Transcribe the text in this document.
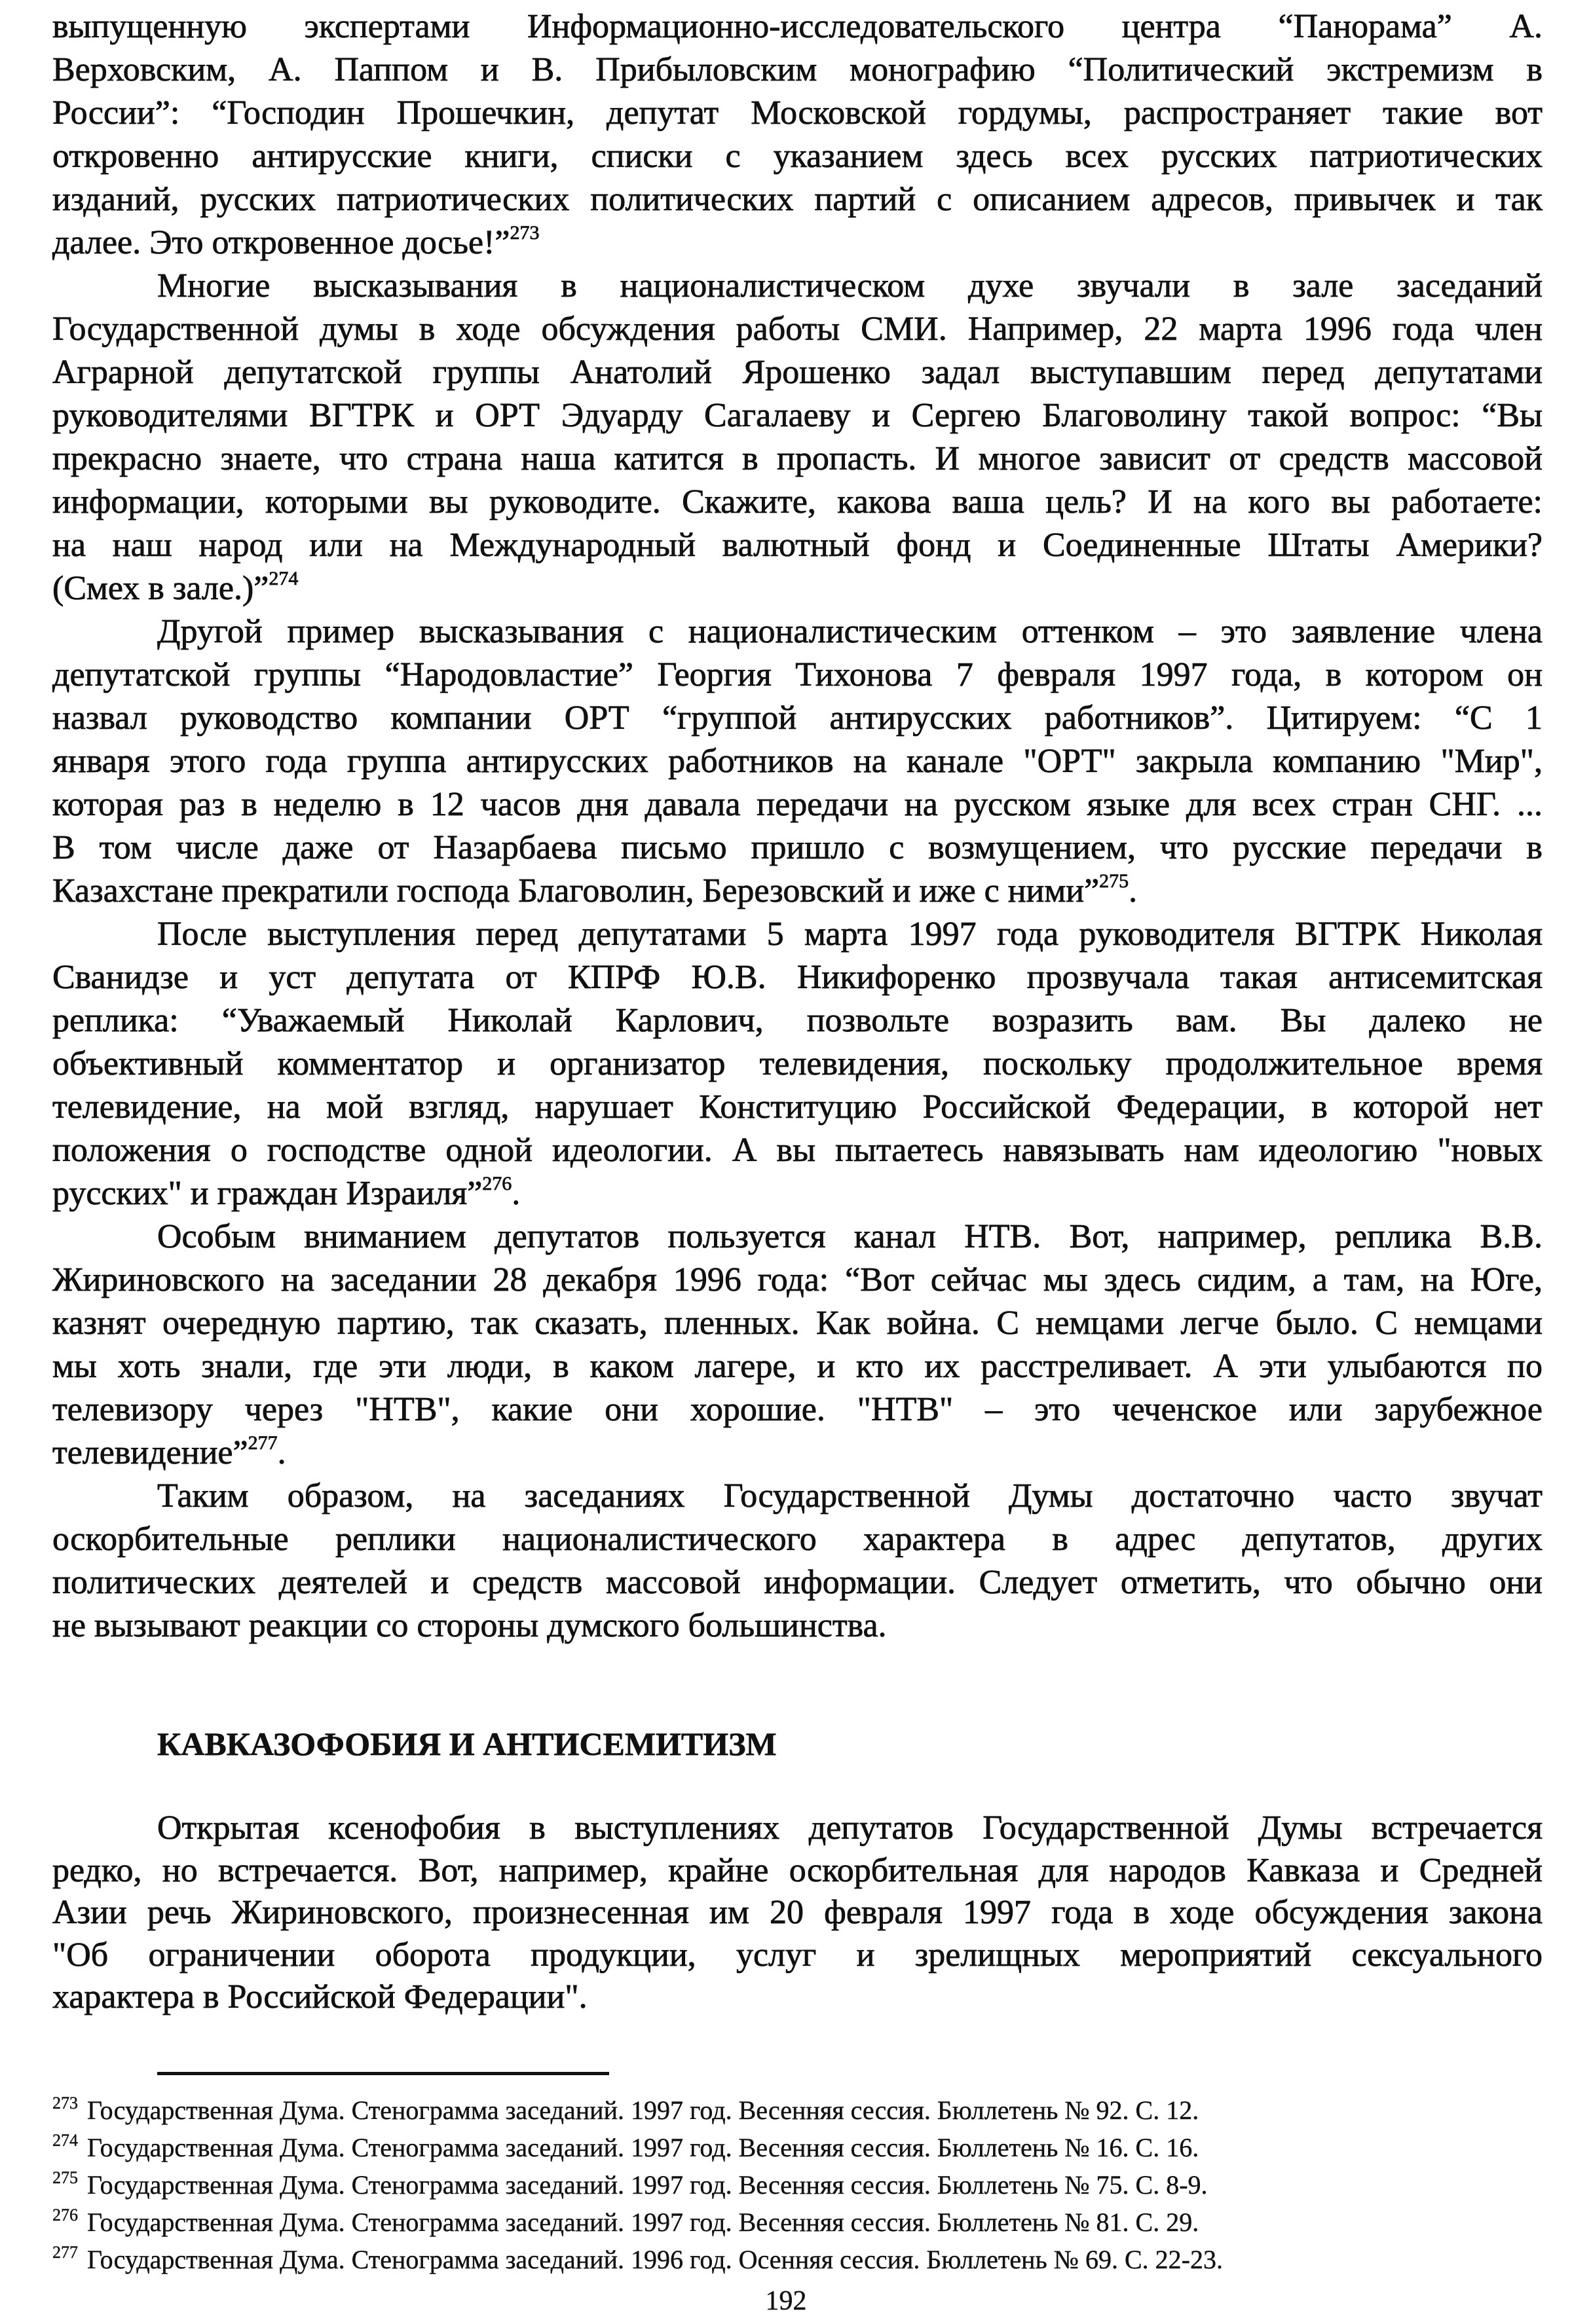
выпущенную экспертами Информационно-исследовательского центра “Панорама” А.
Верховским, А. Паппом и В. Прибыловским монографию “Политический экстремизм в
России”: “Господин Прошечкин, депутат Московской гордумы, распространяет такие вот
откровенно антирусские книги, списки с указанием здесь всех русских патриотических
изданий, русских патриотических политических партий с описанием адресов, привычек и так
далее. Это откровенное досье!”$^{273}$
Многие высказывания в националистическом духе звучали в зале заседаний
Государственной думы в ходе обсуждения работы СМИ. Например, 22 марта 1996 года член
Аграрной депутатской группы Анатолий Ярошенко задал выступавшим перед депутатами
руководителями ВГТРК и ОРТ Эдуарду Сагалаеву и Сергею Благоволину такой вопрос: “Вы
прекрасно знаете, что страна наша катится в пропасть. И многое зависит от средств массовой
информации, которыми вы руководите. Скажите, какова ваша цель? И на кого вы работаете:
на наш народ или на Международный валютный фонд и Соединенные Штаты Америки?
(Смех в зале.)”$^{274}$
Другой пример высказывания с националистическим оттенком – это заявление члена
депутатской группы “Народовластие” Георгия Тихонова 7 февраля 1997 года, в котором он
назвал руководство компании ОРТ “группой антирусских работников”. Цитируем: “С 1
января этого года группа антирусских работников на канале "ОРТ" закрыла компанию "Мир",
которая раз в неделю в 12 часов дня давала передачи на русском языке для всех стран СНГ. ...
В том числе даже от Назарбаева письмо пришло с возмущением, что русские передачи в
Казахстане прекратили господа Благоволин, Березовский и иже с ними”$^{275}$.
После выступления перед депутатами 5 марта 1997 года руководителя ВГТРК Николая
Сванидзе и уст депутата от КПРФ Ю.В. Никифоренко прозвучала такая антисемитская
реплика: “Уважаемый Николай Карлович, позвольте возразить вам. Вы далеко не
объективный комментатор и организатор телевидения, поскольку продолжительное время
телевидение, на мой взгляд, нарушает Конституцию Российской Федерации, в которой нет
положения о господстве одной идеологии. А вы пытаетесь навязывать нам идеологию "новых
русских" и граждан Израиля”$^{276}$.
Особым вниманием депутатов пользуется канал НТВ. Вот, например, реплика В.В.
Жириновского на заседании 28 декабря 1996 года: “Вот сейчас мы здесь сидим, а там, на Юге,
казнят очередную партию, так сказать, пленных. Как война. С немцами легче было. С немцами
мы хоть знали, где эти люди, в каком лагере, и кто их расстреливает. А эти улыбаются по
телевизору через "НТВ", какие они хорошие. "НТВ" – это чеченское или зарубежное
телевидение”$^{277}$.
Таким образом, на заседаниях Государственной Думы достаточно часто звучат
оскорбительные реплики националистического характера в адрес депутатов, других
политических деятелей и средств массовой информации. Следует отметить, что обычно они
не вызывают реакции со стороны думского большинства.
КАВКАЗОФОБИЯ И АНТИСЕМИТИЗМ
Открытая ксенофобия в выступлениях депутатов Государственной Думы встречается
редко, но встречается. Вот, например, крайне оскорбительная для народов Кавказа и Средней
Азии речь Жириновского, произнесенная им 20 февраля 1997 года в ходе обсуждения закона
"Об ограничении оборота продукции, услуг и зрелищных мероприятий сексуального
характера в Российской Федерации".
$^{273}$ Государственная Дума. Стенограмма заседаний. 1997 год. Весенняя сессия. Бюллетень № 92. С. 12.
$^{274}$ Государственная Дума. Стенограмма заседаний. 1997 год. Весенняя сессия. Бюллетень № 16. С. 16.
$^{275}$ Государственная Дума. Стенограмма заседаний. 1997 год. Весенняя сессия. Бюллетень № 75. С. 8-9.
$^{276}$ Государственная Дума. Стенограмма заседаний. 1997 год. Весенняя сессия. Бюллетень № 81. С. 29.
$^{277}$ Государственная Дума. Стенограмма заседаний. 1996 год. Осенняя сессия. Бюллетень № 69. С. 22-23.
192
